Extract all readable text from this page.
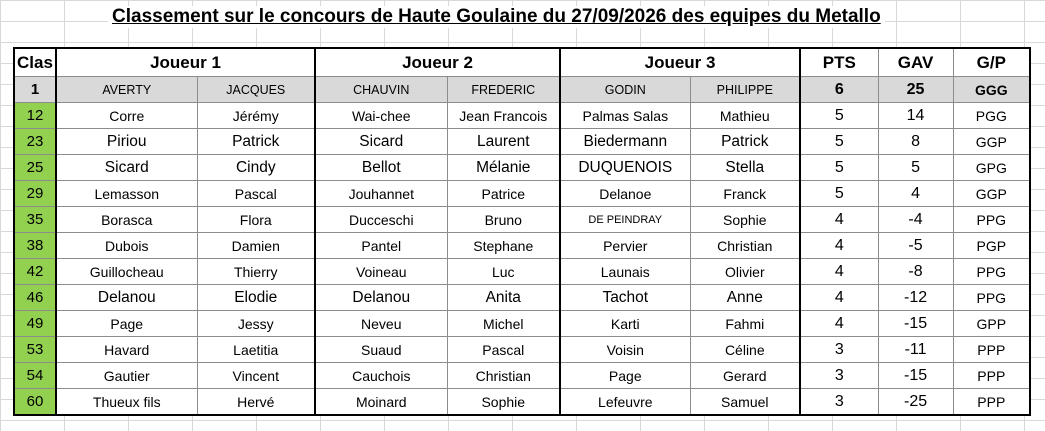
Classement sur le concours de Haute Goulaine du 27/09/2026 des equipes du Metallo
Clas	Joueur 1		Joueur 2		Joueur 3		PTS	GAV	G/P
1	AVERTY	JACQUES	CHAUVIN	FREDERIC	GODIN	PHILIPPE	6	25	GGG
12	Corre	Jérémy	Wai-chee	Jean Francois	Palmas Salas	Mathieu	5	14	PGG
23	Piriou	Patrick	Sicard	Laurent	Biedermann	Patrick	5	8	GGP
25	Sicard	Cindy	Bellot	Mélanie	DUQUENOIS	Stella	5	5	GPG
29	Lemasson	Pascal	Jouhannet	Patrice	Delanoe	Franck	5	4	GGP
35	Borasca	Flora	Ducceschi	Bruno	DE PEINDRAY	Sophie	4	-4	PPG
38	Dubois	Damien	Pantel	Stephane	Pervier	Christian	4	-5	PGP
42	Guillocheau	Thierry	Voineau	Luc	Launais	Olivier	4	-8	PPG
46	Delanou	Elodie	Delanou	Anita	Tachot	Anne	4	-12	PPG
49	Page	Jessy	Neveu	Michel	Karti	Fahmi	4	-15	GPP
53	Havard	Laetitia	Suaud	Pascal	Voisin	Céline	3	-11	PPP
54	Gautier	Vincent	Cauchois	Christian	Page	Gerard	3	-15	PPP
60	Thueux fils	Hervé	Moinard	Sophie	Lefeuvre	Samuel	3	-25	PPP
